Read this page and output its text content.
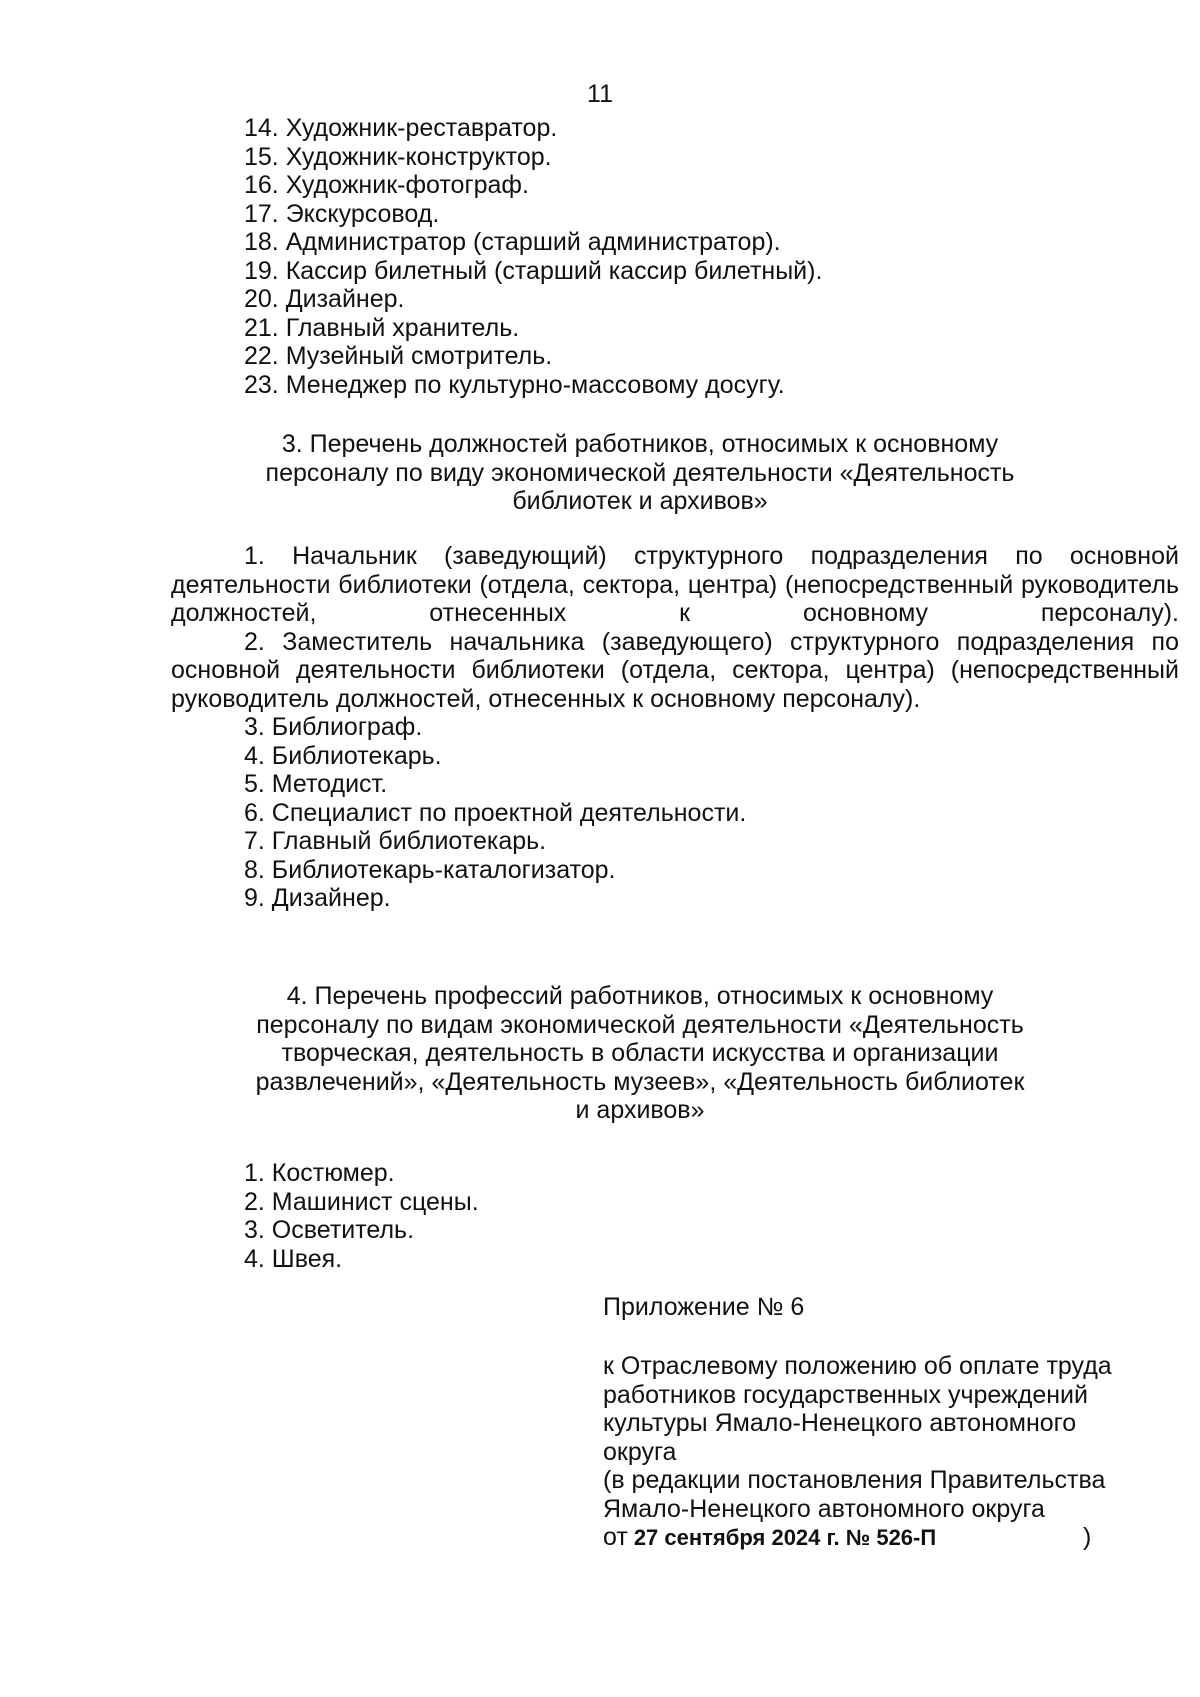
11
14. Художник-реставратор.
15. Художник-конструктор.
16. Художник-фотограф.
17. Экскурсовод.
18. Администратор (старший администратор).
19. Кассир билетный (старший кассир билетный).
20. Дизайнер.
21. Главный хранитель.
22. Музейный смотритель.
23. Менеджер по культурно-массовому досугу.
3. Перечень должностей работников, относимых к основному
персоналу по виду экономической деятельности «Деятельность
библиотек и архивов»
1. Начальник (заведующий) структурного подразделения по основной деятельности библиотеки (отдела, сектора, центра) (непосредственный руководитель должностей, отнесенных к основному персоналу).
2. Заместитель начальника (заведующего) структурного подразделения по основной деятельности библиотеки (отдела, сектора, центра) (непосредственный руководитель должностей, отнесенных к основному персоналу).
3. Библиограф.
4. Библиотекарь.
5. Методист.
6. Специалист по проектной деятельности.
7. Главный библиотекарь.
8. Библиотекарь-каталогизатор.
9. Дизайнер.
4. Перечень профессий работников, относимых к основному
персоналу по видам экономической деятельности «Деятельность
творческая, деятельность в области искусства и организации
развлечений», «Деятельность музеев», «Деятельность библиотек
и архивов»
1. Костюмер.
2. Машинист сцены.
3. Осветитель.
4. Швея.
Приложение № 6
к Отраслевому положению об оплате труда
работников государственных учреждений
культуры Ямало-Ненецкого автономного
округа
(в редакции постановления Правительства
Ямало-Ненецкого автономного округа
от 27 сентября 2024 г. № 526-П	)
